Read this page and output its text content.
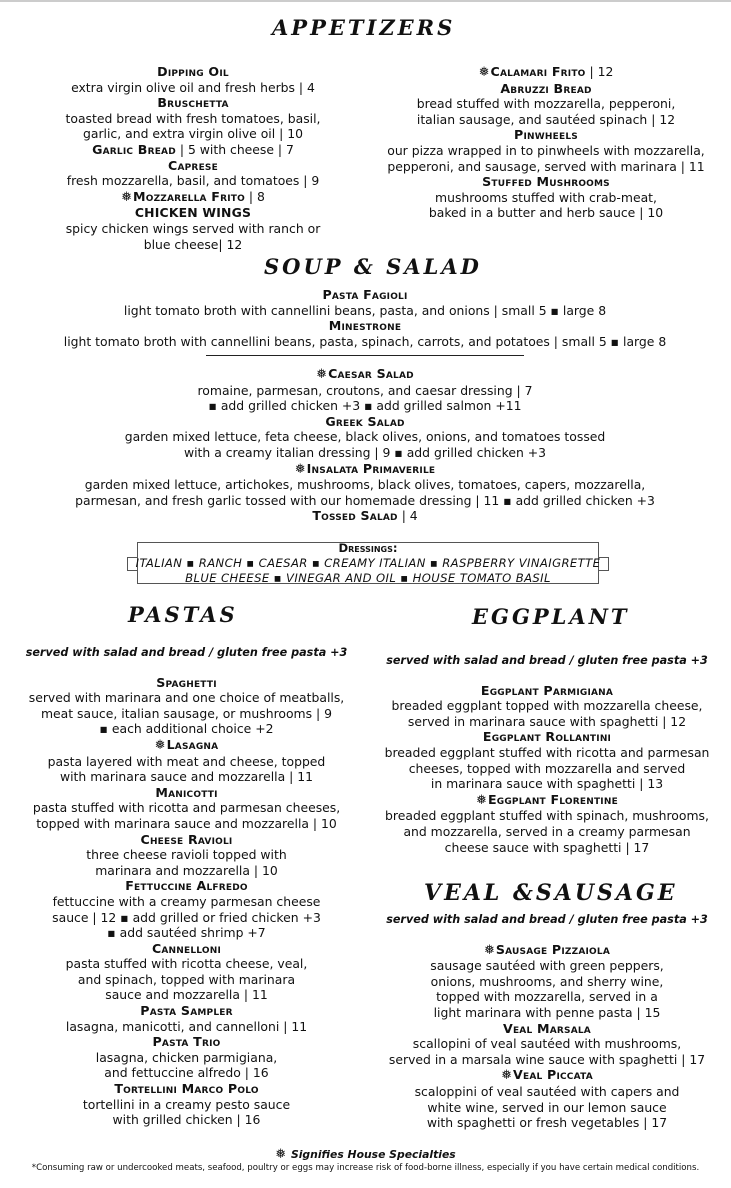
APPETIZERS
Dipping Oil
extra virgin olive oil and fresh herbs | 4
Bruschetta
toasted bread with fresh tomatoes, basil,
garlic, and extra virgin olive oil | 10
Garlic Bread | 5 with cheese | 7
Caprese
fresh mozzarella, basil, and tomatoes | 9
❅Mozzarella Frito | 8
CHICKEN WINGS
spicy chicken wings served with ranch or
blue cheese| 12
❅Calamari Frito | 12
Abruzzi Bread
bread stuffed with mozzarella, pepperoni,
italian sausage, and sautéed spinach | 12
Pinwheels
our pizza wrapped in to pinwheels with mozzarella,
pepperoni, and sausage, served with marinara | 11
Stuffed Mushrooms
mushrooms stuffed with crab-meat,
baked in a butter and herb sauce | 10
SOUP & SALAD
Pasta Fagioli
light tomato broth with cannellini beans, pasta, and onions | small 5 ▪ large 8
Minestrone
light tomato broth with cannellini beans, pasta, spinach, carrots, and potatoes | small 5 ▪ large 8
❅Caesar Salad
romaine, parmesan, croutons, and caesar dressing | 7
▪ add grilled chicken +3 ▪ add grilled salmon +11
Greek Salad
garden mixed lettuce, feta cheese, black olives, onions, and tomatoes tossed
with a creamy italian dressing | 9 ▪ add grilled chicken +3
❅Insalata Primaverile
garden mixed lettuce, artichokes, mushrooms, black olives, tomatoes, capers, mozzarella,
parmesan, and fresh garlic tossed with our homemade dressing | 11 ▪ add grilled chicken +3
Tossed Salad | 4
Dressings:
ITALIAN ▪ RANCH ▪ CAESAR ▪ CREAMY ITALIAN ▪ RASPBERRY VINAIGRETTE
BLUE CHEESE ▪ VINEGAR AND OIL ▪ HOUSE TOMATO BASIL
PASTAS
served with salad and bread / gluten free pasta +3
Spaghetti
served with marinara and one choice of meatballs,
meat sauce, italian sausage, or mushrooms | 9
▪ each additional choice +2
❅Lasagna
pasta layered with meat and cheese, topped
with marinara sauce and mozzarella | 11
Manicotti
pasta stuffed with ricotta and parmesan cheeses,
topped with marinara sauce and mozzarella | 10
Cheese Ravioli
three cheese ravioli topped with
marinara and mozzarella | 10
Fettuccine Alfredo
fettuccine with a creamy parmesan cheese
sauce | 12 ▪ add grilled or fried chicken +3
▪ add sautéed shrimp +7
Cannelloni
pasta stuffed with ricotta cheese, veal,
and spinach, topped with marinara
sauce and mozzarella | 11
Pasta Sampler
lasagna, manicotti, and cannelloni | 11
Pasta Trio
lasagna, chicken parmigiana,
and fettuccine alfredo | 16
Tortellini Marco Polo
tortellini in a creamy pesto sauce
with grilled chicken | 16
EGGPLANT
served with salad and bread / gluten free pasta +3
Eggplant Parmigiana
breaded eggplant topped with mozzarella cheese,
served in marinara sauce with spaghetti | 12
Eggplant Rollantini
breaded eggplant stuffed with ricotta and parmesan
cheeses, topped with mozzarella and served
in marinara sauce with spaghetti | 13
❅Eggplant Florentine
breaded eggplant stuffed with spinach, mushrooms,
and mozzarella, served in a creamy parmesan
cheese sauce with spaghetti | 17
VEAL &SAUSAGE
served with salad and bread / gluten free pasta +3
❅Sausage Pizzaiola
sausage sautéed with green peppers,
onions, mushrooms, and sherry wine,
topped with mozzarella, served in a
light marinara with penne pasta | 15
Veal Marsala
scallopini of veal sautéed with mushrooms,
served in a marsala wine sauce with spaghetti | 17
❅Veal Piccata
scaloppini of veal sautéed with capers and
white wine, served in our lemon sauce
with spaghetti or fresh vegetables | 17
❅ Signifies House Specialties
*Consuming raw or undercooked meats, seafood, poultry or eggs may increase risk of food-borne illness, especially if you have certain medical conditions.
